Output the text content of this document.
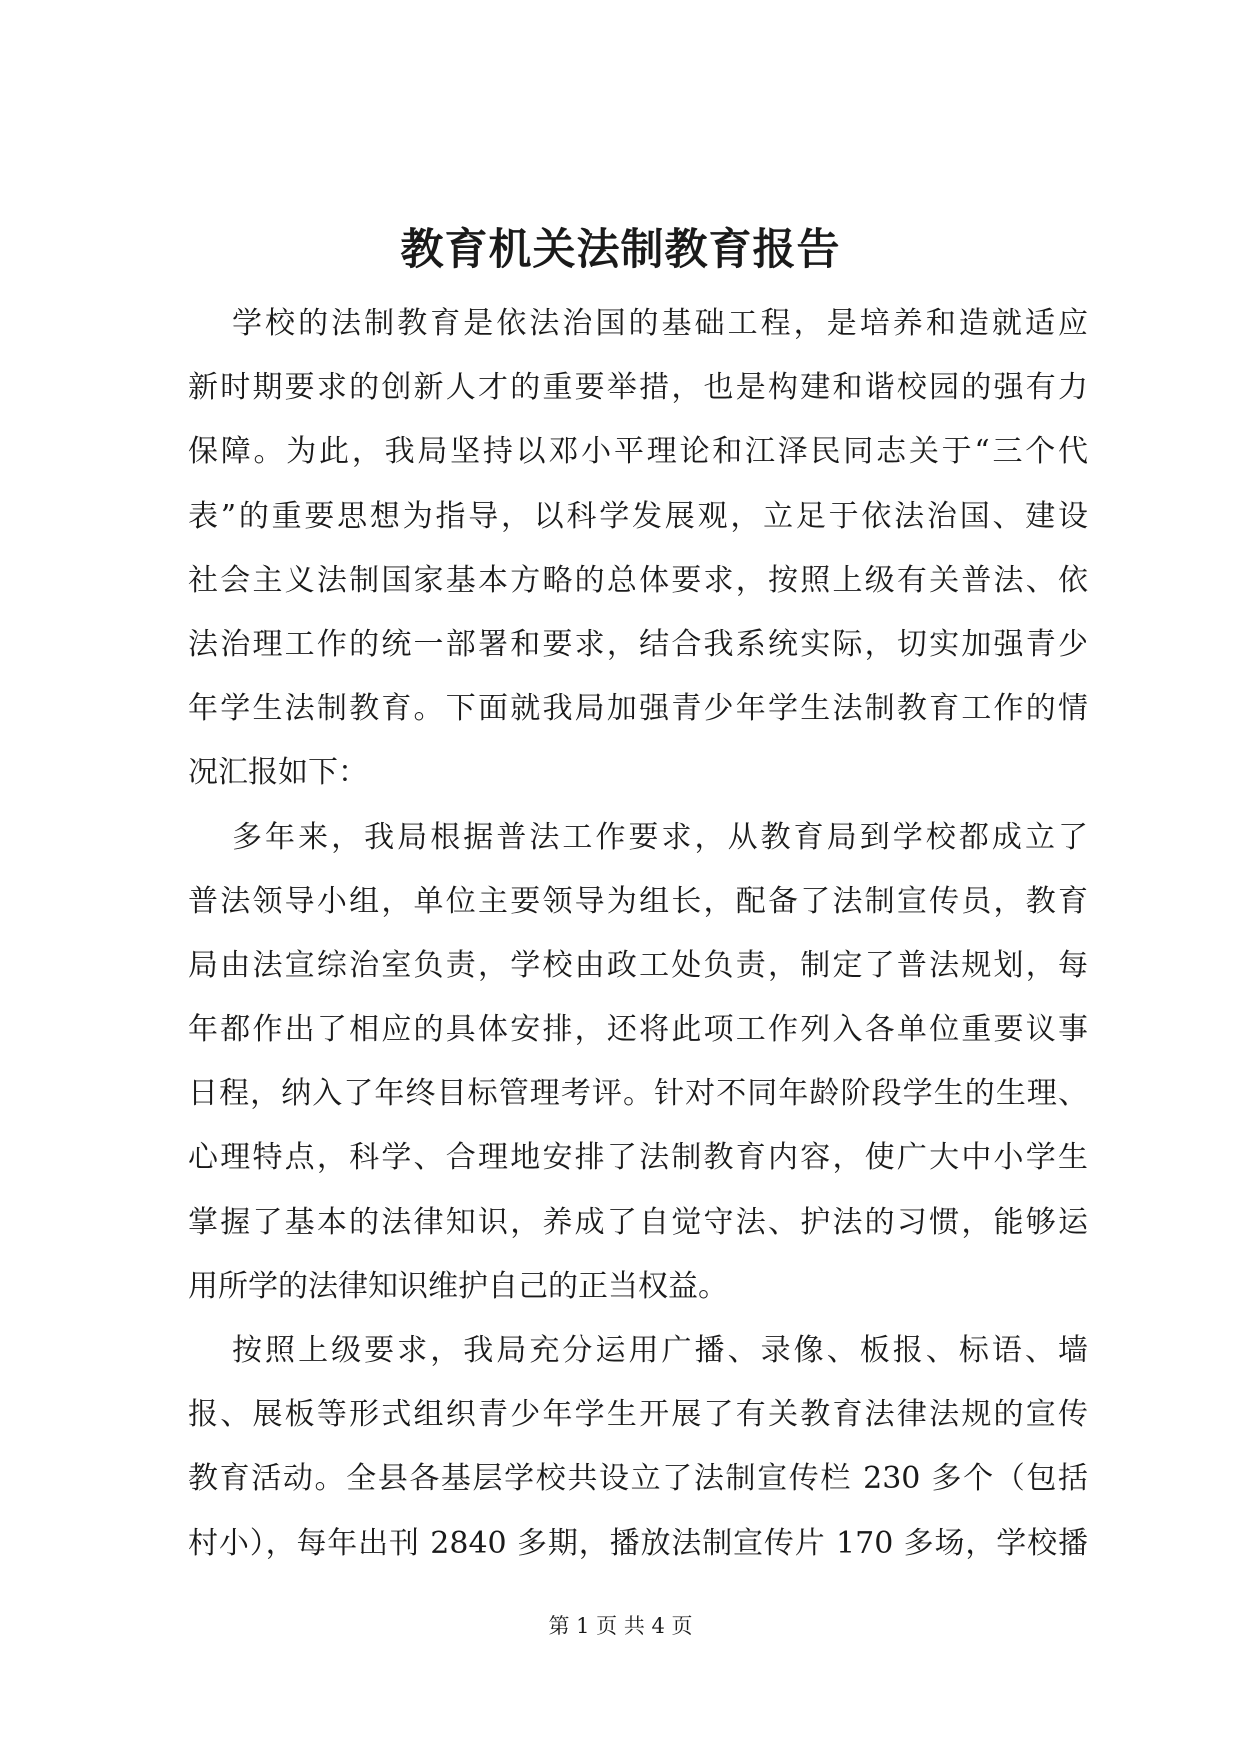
教育机关法制教育报告

学校的法制教育是依法治国的基础工程，是培养和造就适应
新时期要求的创新人才的重要举措，也是构建和谐校园的强有力
保障。为此，我局坚持以邓小平理论和江泽民同志关于“三个代
表”的重要思想为指导，以科学发展观，立足于依法治国、建设
社会主义法制国家基本方略的总体要求，按照上级有关普法、依
法治理工作的统一部署和要求，结合我系统实际，切实加强青少
年学生法制教育。下面就我局加强青少年学生法制教育工作的情
况汇报如下：

多年来，我局根据普法工作要求，从教育局到学校都成立了
普法领导小组，单位主要领导为组长，配备了法制宣传员，教育
局由法宣综治室负责，学校由政工处负责，制定了普法规划，每
年都作出了相应的具体安排，还将此项工作列入各单位重要议事
日程，纳入了年终目标管理考评。针对不同年龄阶段学生的生理、
心理特点，科学、合理地安排了法制教育内容，使广大中小学生
掌握了基本的法律知识，养成了自觉守法、护法的习惯，能够运
用所学的法律知识维护自己的正当权益。

按照上级要求，我局充分运用广播、录像、板报、标语、墙
报、展板等形式组织青少年学生开展了有关教育法律法规的宣传
教育活动。全县各基层学校共设立了法制宣传栏 230 多个（包括
村小），每年出刊 2840 多期，播放法制宣传片 170 多场，学校播

第 1 页 共 4 页
